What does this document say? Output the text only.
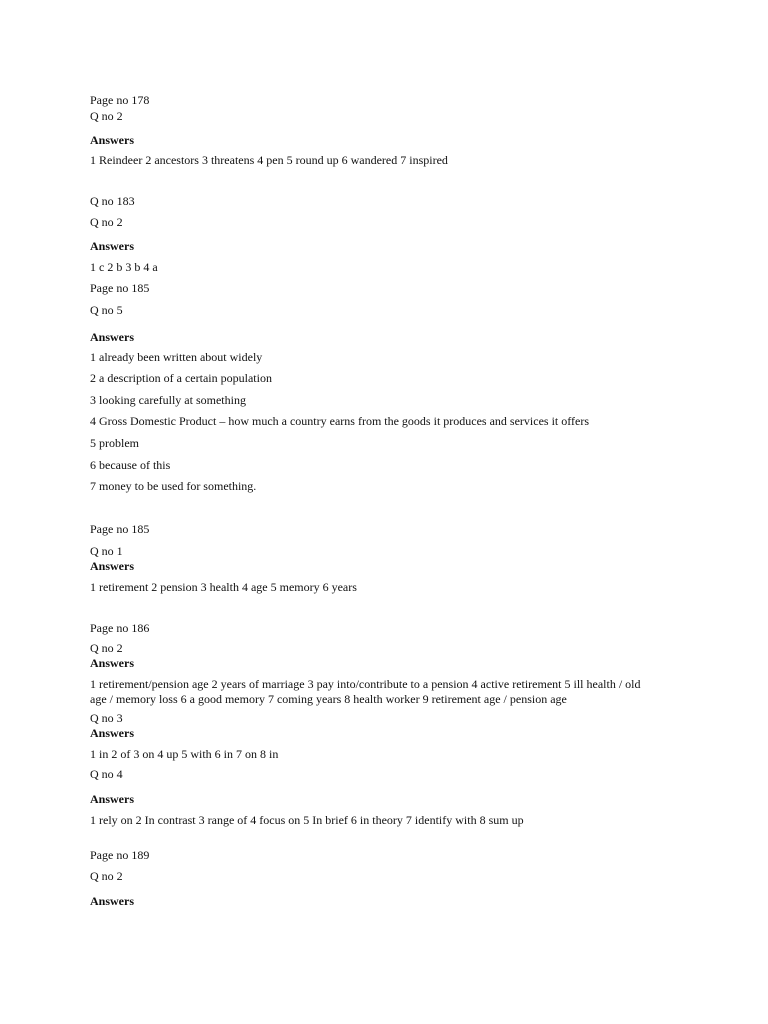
Page no 178
Q no 2
Answers
1 Reindeer 2 ancestors 3 threatens 4 pen 5 round up 6 wandered 7 inspired
Q no 183
Q no 2
Answers
1 c 2 b 3 b 4 a
Page no 185
Q no 5
Answers
1 already been written about widely
2 a description of a certain population
3 looking carefully at something
4 Gross Domestic Product – how much a country earns from the goods it produces and services it offers
5 problem
6 because of this
7 money to be used for something.
Page no 185
Q no 1
Answers
1 retirement 2 pension 3 health 4 age 5 memory 6 years
Page no 186
Q no 2
Answers
1 retirement/pension age 2 years of marriage 3 pay into/contribute to a pension 4 active retirement 5 ill health / old
age / memory loss 6 a good memory 7 coming years 8 health worker 9 retirement age / pension age
Q no 3
Answers
1 in 2 of 3 on 4 up 5 with 6 in 7 on 8 in
Q no 4
Answers
1 rely on 2 In contrast 3 range of 4 focus on 5 In brief 6 in theory 7 identify with 8 sum up
Page no 189
Q no 2
Answers
